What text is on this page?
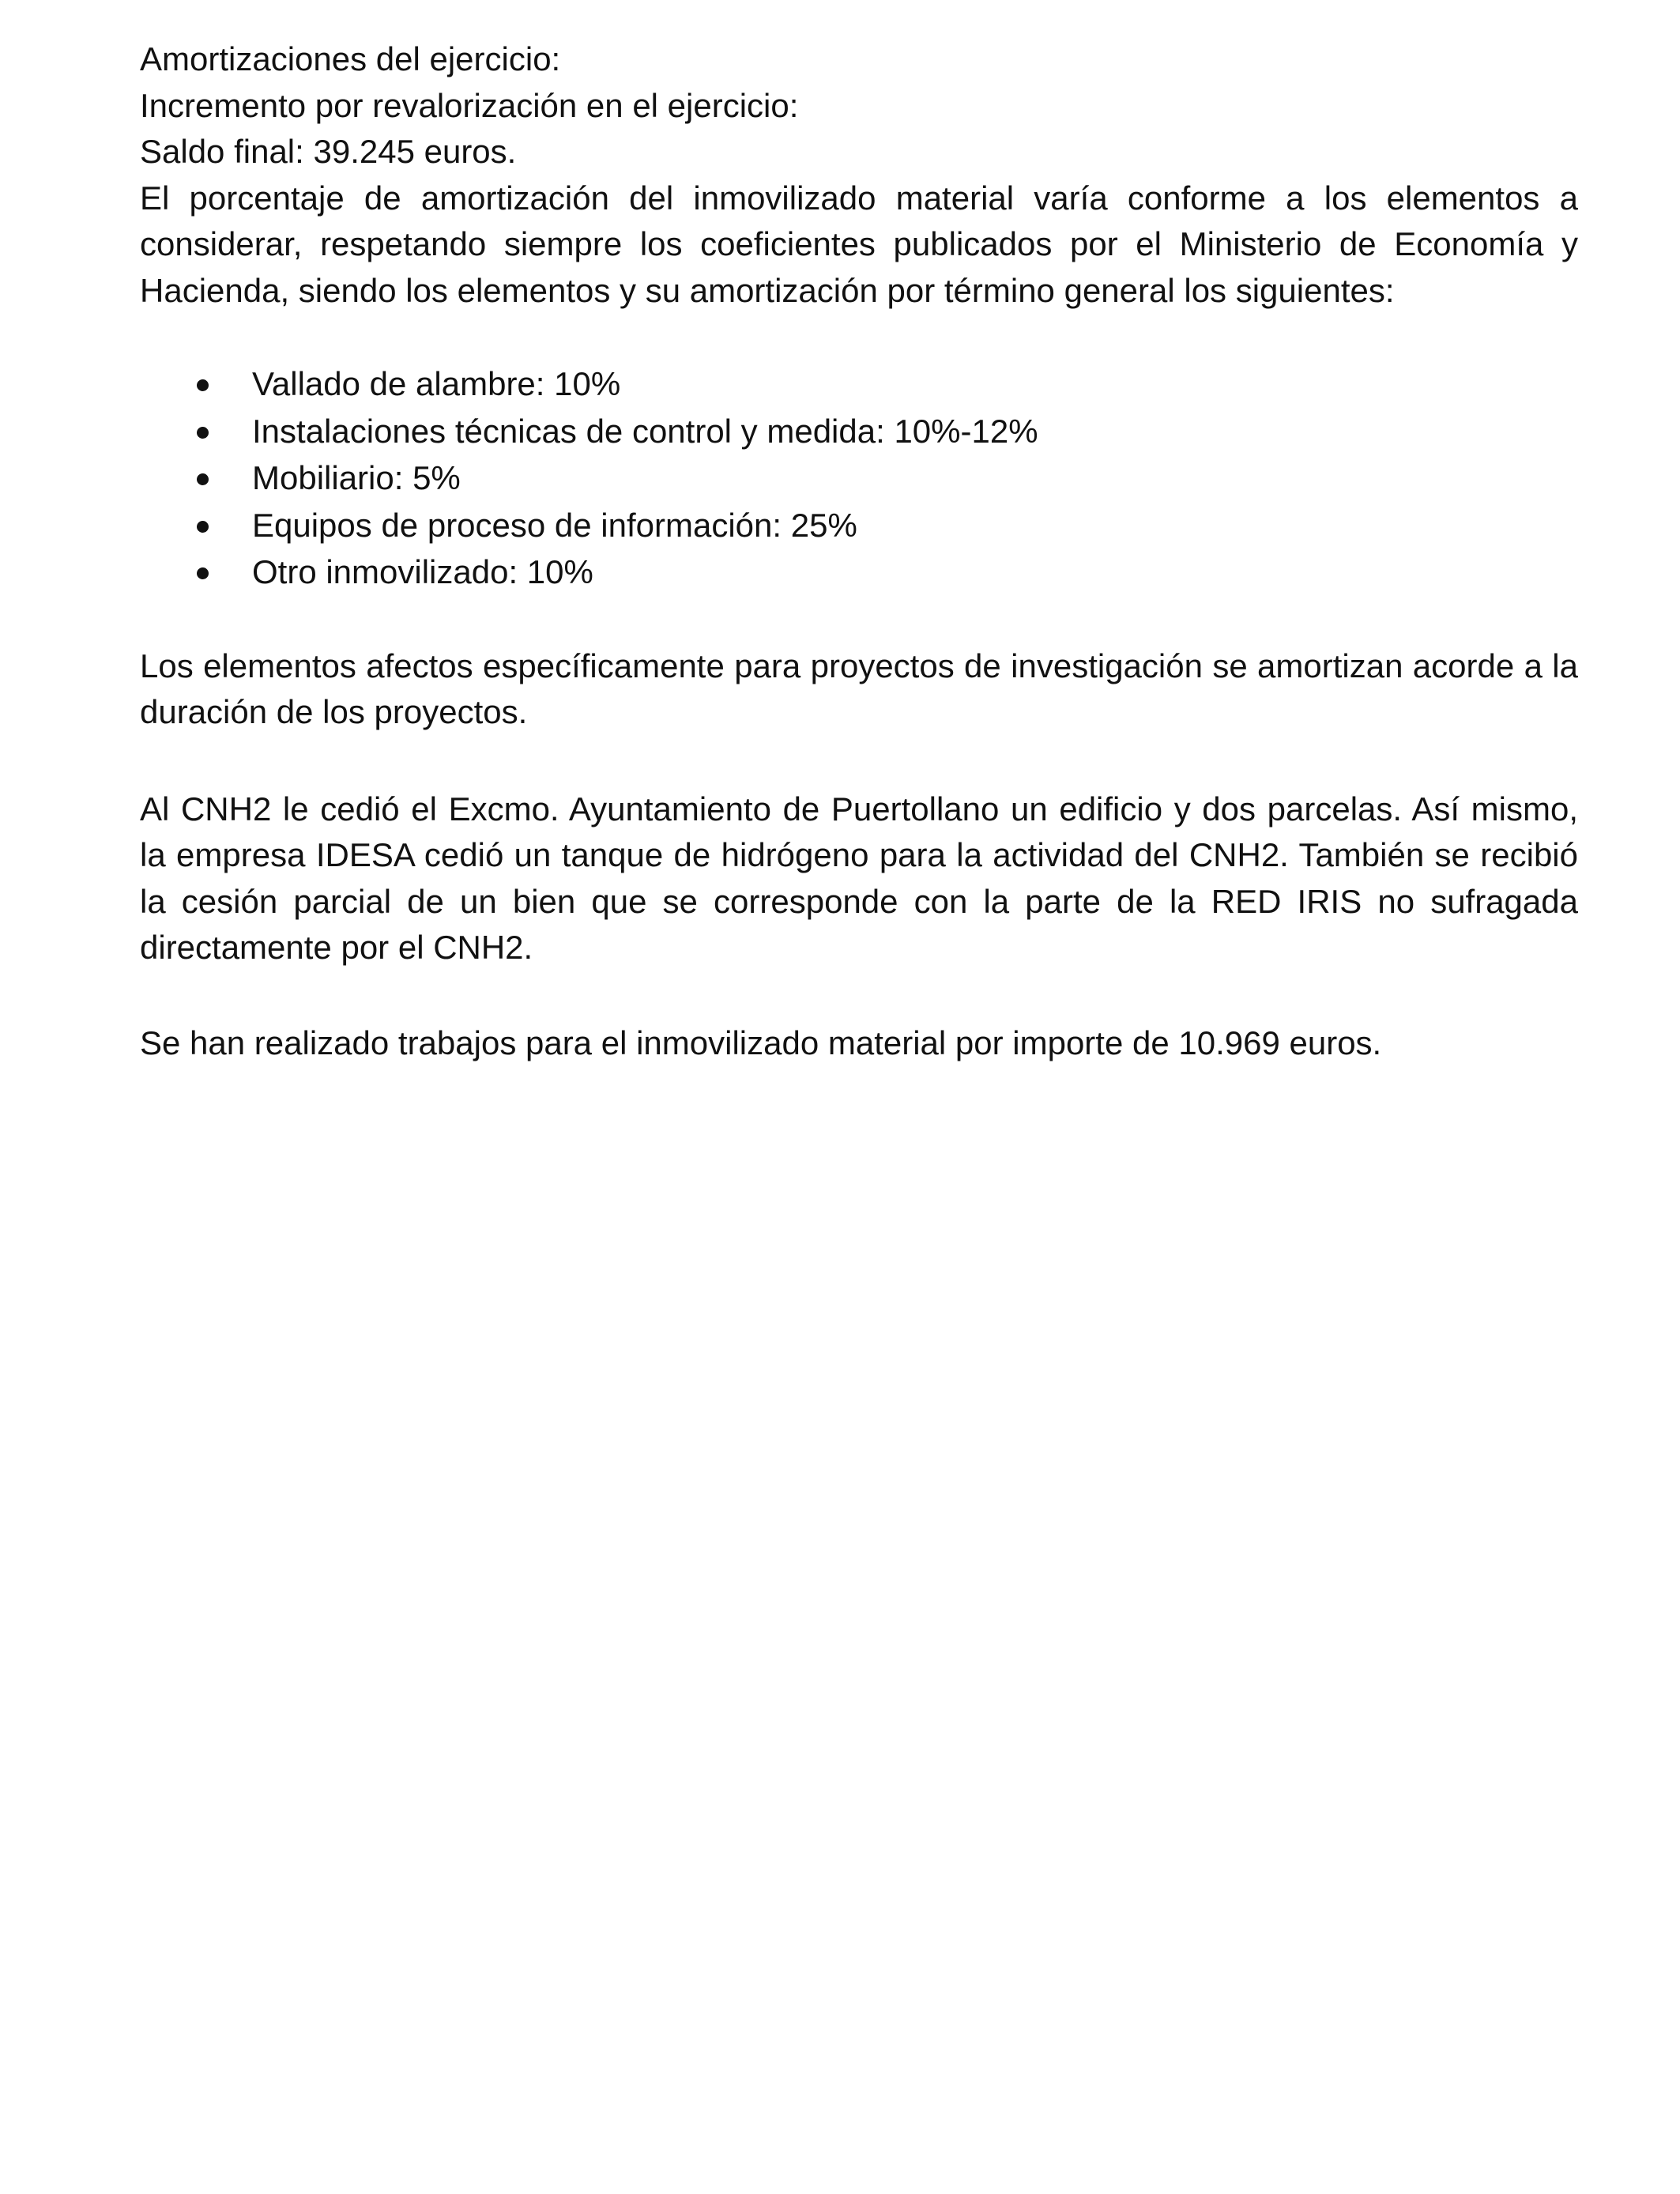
Amortizaciones del ejercicio:
Incremento por revalorización en el ejercicio:
Saldo final: 39.245 euros.

El porcentaje de amortización del inmovilizado material varía conforme a los elementos a considerar, respetando siempre los coeficientes publicados por el Ministerio de Economía y Hacienda, siendo los elementos y su amortización por término general los siguientes:

Vallado de alambre: 10%
Instalaciones técnicas de control y medida: 10%-12%
Mobiliario: 5%
Equipos de proceso de información: 25%
Otro inmovilizado: 10%

Los elementos afectos específicamente para proyectos de investigación se amortizan acorde a la duración de los proyectos.

Al CNH2 le cedió el Excmo. Ayuntamiento de Puertollano un edificio y dos parcelas. Así mismo, la empresa IDESA cedió un tanque de hidrógeno para la actividad del CNH2. También se recibió la cesión parcial de un bien que se corresponde con la parte de la RED IRIS no sufragada directamente por el CNH2.

Se han realizado trabajos para el inmovilizado material por importe de 10.969 euros.
